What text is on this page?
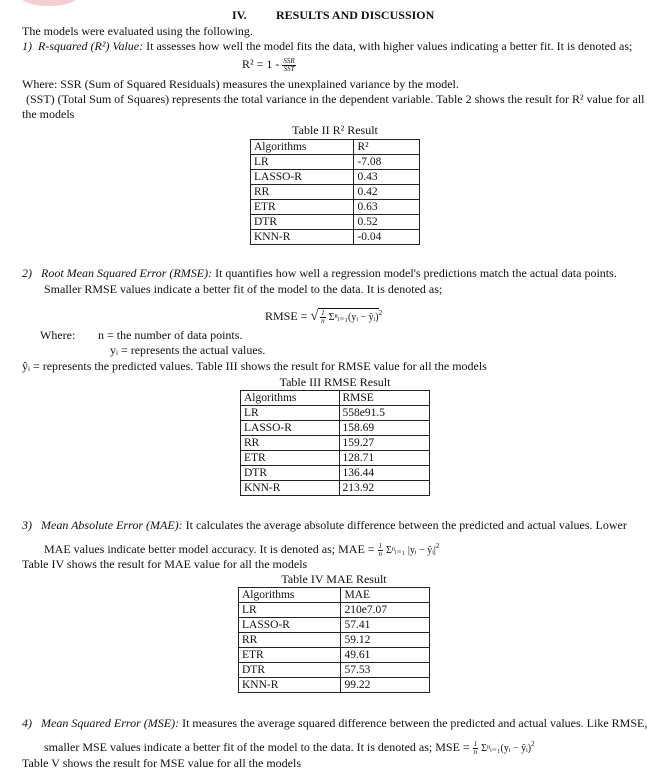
IV. RESULTS AND DISCUSSION
The models were evaluated using the following.
1) R-squared (R²) Value: It assesses how well the model fits the data, with higher values indicating a better fit. It is denoted as;
$R^2 = 1 - \frac{\text{SSR}}{\text{SST}}$
Where: SSR (Sum of Squared Residuals) measures the unexplained variance by the model.
(SST) (Total Sum of Squares) represents the total variance in the dependent variable. Table 2 shows the result for R² value for all
the models
Table II R² Result
Algorithms	R²
LR	-7.08
LASSO-R	0.43
RR	0.42
ETR	0.63
DTR	0.52
KNN-R	-0.04
2) Root Mean Squared Error (RMSE): It quantifies how well a regression model's predictions match the actual data points.
Smaller RMSE values indicate a better fit of the model to the data. It is denoted as;
RMSE = √ $\frac{1}{n}$ Σⁿᵢ₌₁(yᵢ − ŷᵢ)$^2$
Where: n = the number of data points.
yᵢ = represents the actual values.
ŷᵢ = represents the predicted values. Table III shows the result for RMSE value for all the models
Table III RMSE Result
Algorithms	RMSE
LR	558e91.5
LASSO-R	158.69
RR	159.27
ETR	128.71
DTR	136.44
KNN-R	213.92
3) Mean Absolute Error (MAE): It calculates the average absolute difference between the predicted and actual values. Lower
MAE values indicate better model accuracy. It is denoted as; MAE = $\frac{1}{n}$ Σⁿᵢ₌₁ |yᵢ − $ŷᵢ|^2$
Table IV shows the result for MAE value for all the models
Table IV MAE Result
Algorithms	MAE
LR	210e7.07
LASSO-R	57.41
RR	59.12
ETR	49.61
DTR	57.53
KNN-R	99.22
4) Mean Squared Error (MSE): It measures the average squared difference between the predicted and actual values. Like RMSE,
smaller MSE values indicate a better fit of the model to the data. It is denoted as; MSE = $\frac{1}{n}$ Σⁿᵢ₌₁(yᵢ − ŷᵢ)$^2$
Table V shows the result for MSE value for all the models
